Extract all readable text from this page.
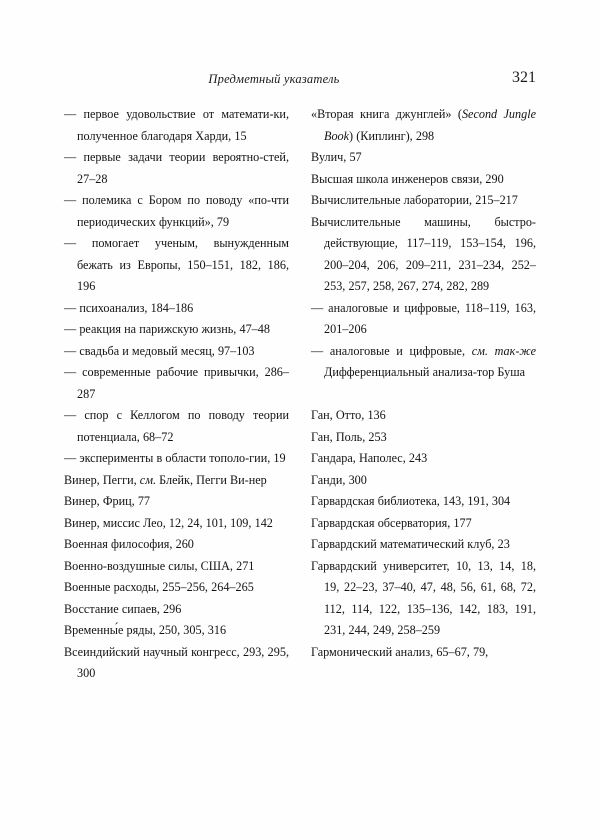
Предметный указатель	321

— первое удовольствие от математи-ки, полученное благодаря Харди, 15

— первые задачи теории вероятно-стей, 27–28

— полемика с Бором по поводу «по-чти периодических функций», 79

— помогает ученым, вынужденным бежать из Европы, 150–151, 182, 186, 196

— психоанализ, 184–186

— реакция на парижскую жизнь, 47–48

— свадьба и медовый месяц, 97–103

— современные рабочие привычки, 286–287

— спор с Келлогом по поводу теории потенциала, 68–72

— эксперименты в области тополо-гии, 19

Винер, Пегги, см. Блейк, Пегги Ви-нер

Винер, Фриц, 77

Винер, миссис Лео, 12, 24, 101, 109, 142

Военная философия, 260

Военно-воздушные силы, США, 271

Военные расходы, 255–256, 264–265

Восстание сипаев, 296

Временны́е ряды, 250, 305, 316

Всеиндийский научный конгресс, 293, 295, 300

«Вторая книга джунглей» (Second Jungle Book) (Киплинг), 298

Вулич, 57

Высшая школа инженеров связи, 290

Вычислительные лаборатории, 215–217

Вычислительные машины, быстро-действующие, 117–119, 153–154, 196, 200–204, 206, 209–211, 231–234, 252–253, 257, 258, 267, 274, 282, 289

— аналоговые и цифровые, 118–119, 163, 201–206

— аналоговые и цифровые, см. так-же Дифференциальный анализа-тор Буша

Ган, Отто, 136

Ган, Поль, 253

Гандара, Наполес, 243

Ганди, 300

Гарвардская библиотека, 143, 191, 304

Гарвардская обсерватория, 177

Гарвардский математический клуб, 23

Гарвардский университет, 10, 13, 14, 18, 19, 22–23, 37–40, 47, 48, 56, 61, 68, 72, 112, 114, 122, 135–136, 142, 183, 191, 231, 244, 249, 258–259

Гармонический анализ, 65–67, 79,
